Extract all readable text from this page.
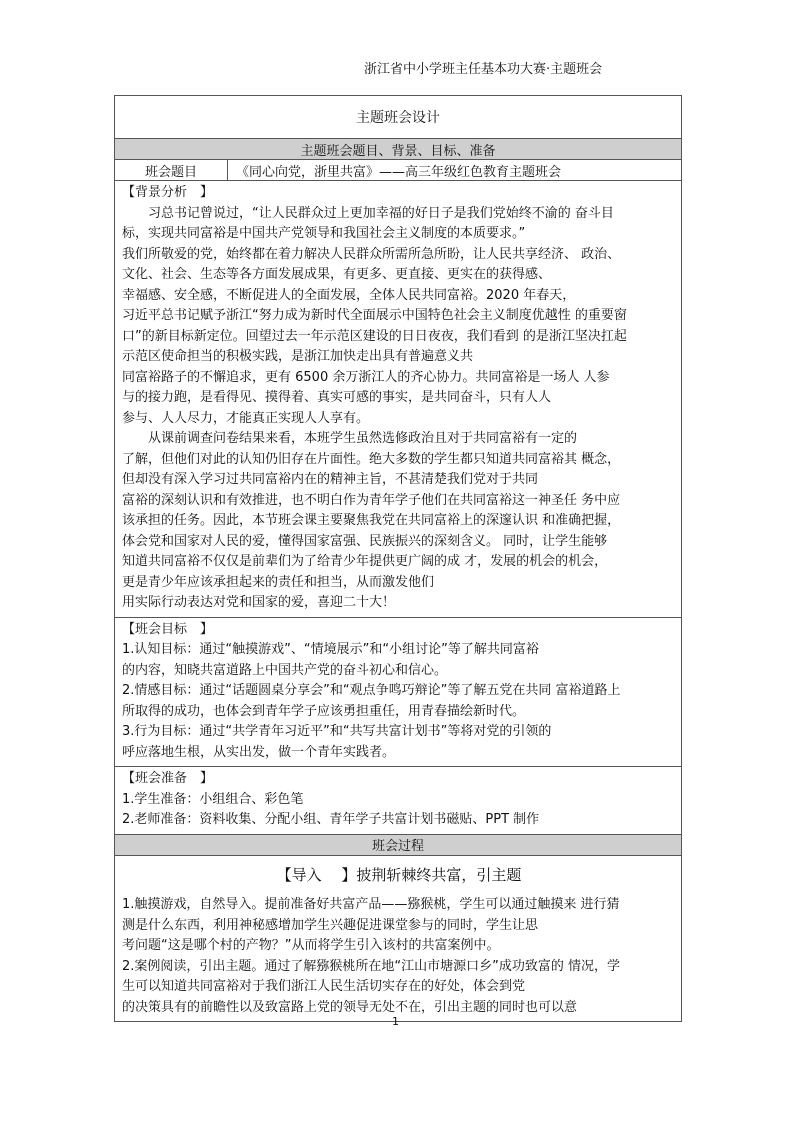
浙江省中小学班主任基本功大赛·主题班会
主题班会设计
主题班会题目、背景、目标、准备
班会题目	《同心向党，浙里共富》——高三年级红色教育主题班会

【背景分析　】

　　习总书记曾说过，“让人民群众过上更加幸福的好日子是我们党始终不渝的 奋斗目

标，实现共同富裕是中国共产党领导和我国社会主义制度的本质要求。”

我们所敬爱的党，始终都在着力解决人民群众所需所急所盼，让人民共享经济、 政治、

文化、社会、生态等各方面发展成果，有更多、更直接、更实在的获得感、

幸福感、安全感，不断促进人的全面发展，全体人民共同富裕。2020 年春天，

习近平总书记赋予浙江“努力成为新时代全面展示中国特色社会主义制度优越性 的重要窗

口”的新目标新定位。回望过去一年示范区建设的日日夜夜，我们看到 的是浙江坚决扛起

示范区使命担当的积极实践，是浙江加快走出具有普遍意义共

同富裕路子的不懈追求，更有 6500 余万浙江人的齐心协力。共同富裕是一场人 人参

与的接力跑，是看得见、摸得着、真实可感的事实，是共同奋斗，只有人人

参与、人人尽力，才能真正实现人人享有。

　　从课前调查问卷结果来看，本班学生虽然选修政治且对于共同富裕有一定的

了解，但他们对此的认知仍旧存在片面性。绝大多数的学生都只知道共同富裕其 概念，

但却没有深入学习过共同富裕内在的精神主旨，不甚清楚我们党对于共同

富裕的深刻认识和有效推进，也不明白作为青年学子他们在共同富裕这一神圣任 务中应

该承担的任务。因此，本节班会课主要聚焦我党在共同富裕上的深邃认识 和准确把握，

体会党和国家对人民的爱，懂得国家富强、民族振兴的深刻含义。 同时，让学生能够

知道共同富裕不仅仅是前辈们为了给青少年提供更广阔的成 才，发展的机会的机会，

更是青少年应该承担起来的责任和担当，从而激发他们

用实际行动表达对党和国家的爱，喜迎二十大！

【班会目标　】

1.认知目标：通过“触摸游戏”、“情境展示”和“小组讨论”等了解共同富裕

的内容，知晓共富道路上中国共产党的奋斗初心和信心。

2.情感目标：通过“话题圆桌分享会”和“观点争鸣巧辩论”等了解五党在共同 富裕道路上

所取得的成功，也体会到青年学子应该勇担重任，用青春描绘新时代。

3.行为目标：通过“共学青年习近平”和“共写共富计划书”等将对党的引领的

呼应落地生根，从实出发，做一个青年实践者。

【班会准备　】

1.学生准备：小组组合、彩色笔

2.老师准备：资料收集、分配小组、青年学子共富计划书磁贴、PPT 制作

班会过程
【导入　 】披荆斩棘终共富，引主题

1.触摸游戏，自然导入。提前准备好共富产品——猕猴桃，学生可以通过触摸来 进行猜

测是什么东西，利用神秘感增加学生兴趣促进课堂参与的同时，学生让思

考问题“这是哪个村的产物？”从而将学生引入该村的共富案例中。

2.案例阅读，引出主题。通过了解猕猴桃所在地“江山市塘源口乡”成功致富的 情况，学

生可以知道共同富裕对于我们浙江人民生活切实存在的好处，体会到党

的决策具有的前瞻性以及致富路上党的领导无处不在，引出主题的同时也可以意

1
